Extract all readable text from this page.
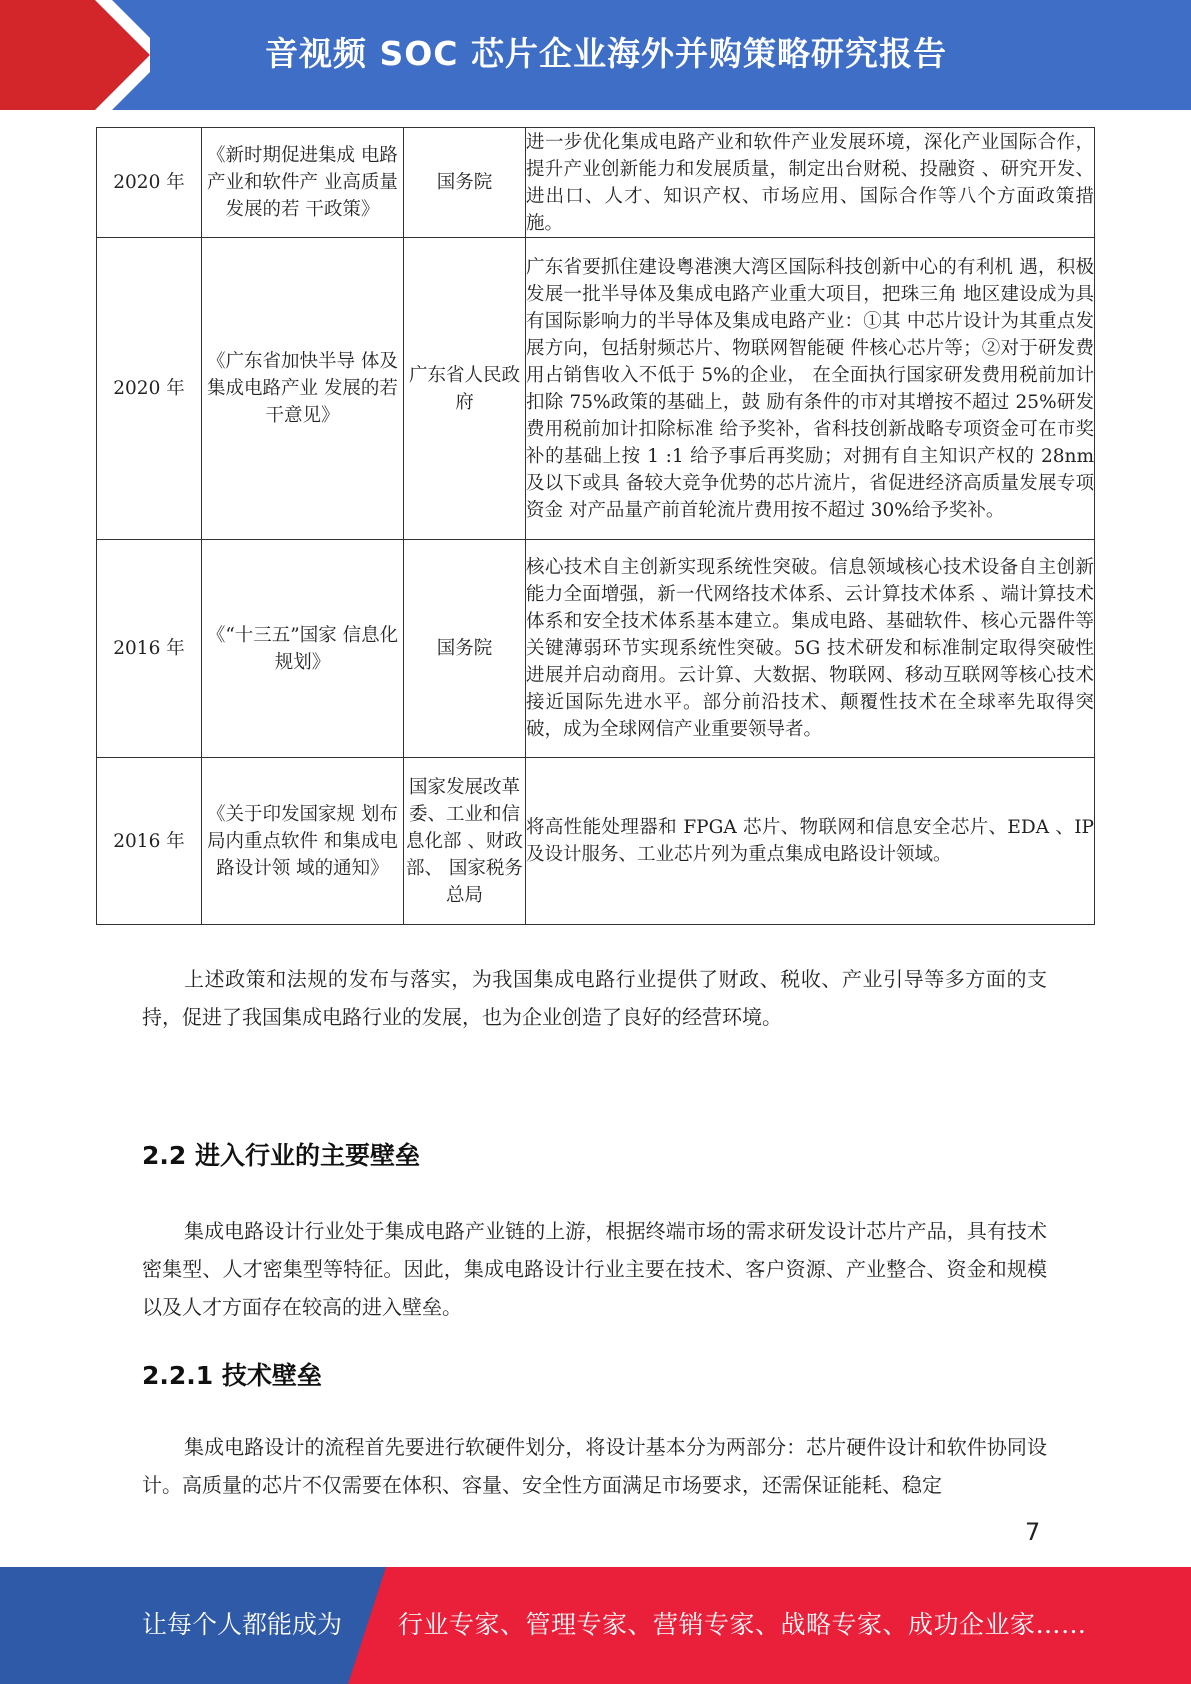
音视频 SOC 芯片企业海外并购策略研究报告
2020 年	《新时期促进集成 电路产业和软件产 业高质量发展的若 干政策》	国务院	进一步优化集成电路产业和软件产业发展环境，深化产业国际合作，提升产业创新能力和发展质量，制定出台财税、投融资 、研究开发、进出口、人才、知识产权、市场应用、国际合作等八个方面政策措施。
2020 年	《广东省加快半导 体及集成电路产业 发展的若干意见》	广东省人民政府	广东省要抓住建设粤港澳大湾区国际科技创新中心的有利机 遇，积极发展一批半导体及集成电路产业重大项目，把珠三角 地区建设成为具有国际影响力的半导体及集成电路产业：①其 中芯片设计为其重点发展方向，包括射频芯片、物联网智能硬 件核心芯片等；②对于研发费用占销售收入不低于 5%的企业， 在全面执行国家研发费用税前加计扣除 75%政策的基础上，鼓 励有条件的市对其增按不超过 25%研发费用税前加计扣除标准 给予奖补，省科技创新战略专项资金可在市奖补的基础上按 1 :1 给予事后再奖励；对拥有自主知识产权的 28nm 及以下或具 备较大竞争优势的芯片流片，省促进经济高质量发展专项资金 对产品量产前首轮流片费用按不超过 30%给予奖补。
2016 年	《“十三五”国家 信息化规划》	国务院	核心技术自主创新实现系统性突破。信息领域核心技术设备自主创新能力全面增强，新一代网络技术体系、云计算技术体系 、端计算技术体系和安全技术体系基本建立。集成电路、基础软件、核心元器件等关键薄弱环节实现系统性突破。5G 技术研发和标准制定取得突破性进展并启动商用。云计算、大数据、物联网、移动互联网等核心技术接近国际先进水平。部分前沿技术、颠覆性技术在全球率先取得突破，成为全球网信产业重要领导者。
2016 年	《关于印发国家规 划布局内重点软件 和集成电路设计领 域的通知》	国家发展改革委、工业和信息化部 、财政部、 国家税务 总局	将高性能处理器和 FPGA 芯片、物联网和信息安全芯片、EDA 、IP 及设计服务、工业芯片列为重点集成电路设计领域。

上述政策和法规的发布与落实，为我国集成电路行业提供了财政、税收、产业引导等多方面的支持，促进了我国集成电路行业的发展，也为企业创造了良好的经营环境。

2.2 进入行业的主要壁垒

集成电路设计行业处于集成电路产业链的上游，根据终端市场的需求研发设计芯片产品，具有技术密集型、人才密集型等特征。因此，集成电路设计行业主要在技术、客户资源、产业整合、资金和规模以及人才方面存在较高的进入壁垒。

2.2.1 技术壁垒

集成电路设计的流程首先要进行软硬件划分，将设计基本分为两部分：芯片硬件设计和软件协同设计。高质量的芯片不仅需要在体积、容量、安全性方面满足市场要求，还需保证能耗、稳定

7
让每个人都能成为 行业专家、管理专家、营销专家、战略专家、成功企业家……
